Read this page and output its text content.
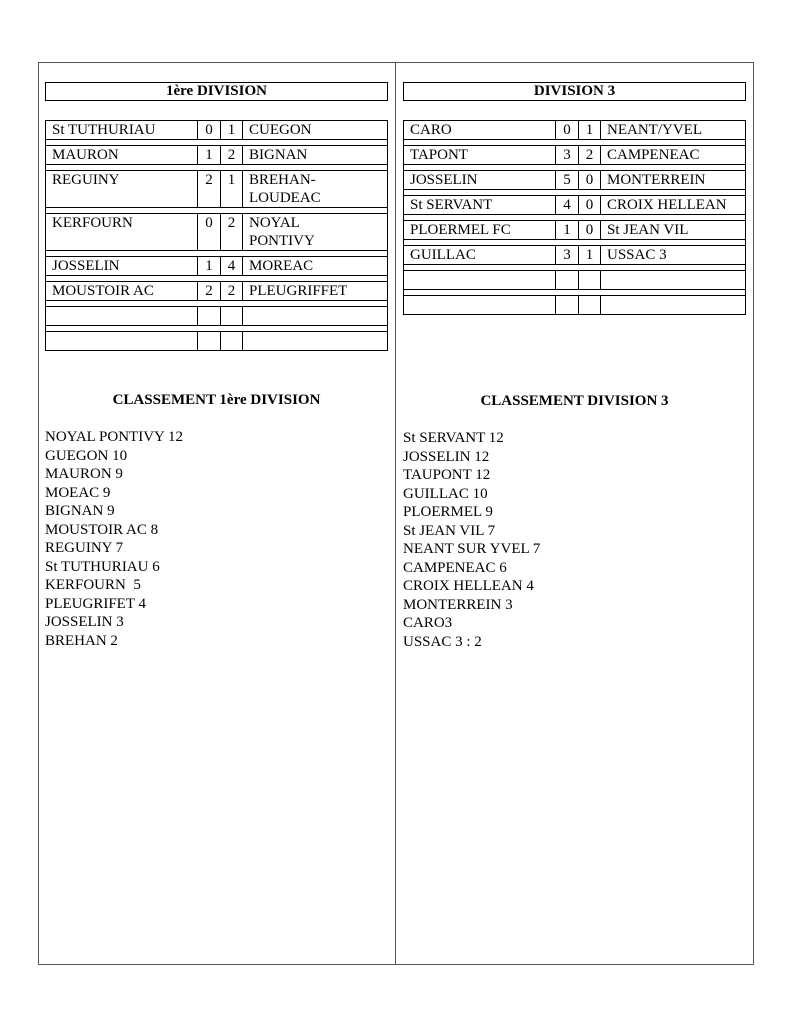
1ère DIVISION
St TUTHURIAU	0	1	CUEGON

MAURON	1	2	BIGNAN

REGUINY	2	1	BREHAN-
LOUDEAC

KERFOURN	0	2	NOYAL
PONTIVY

JOSSELIN	1	4	MOREAC

MOUSTOIR AC	2	2	PLEUGRIFFET

CLASSEMENT 1ère DIVISION
NOYAL PONTIVY 12
GUEGON 10
MAURON 9
MOEAC 9
BIGNAN 9
MOUSTOIR AC 8
REGUINY 7
St TUTHURIAU 6
KERFOURN  5
PLEUGRIFET 4
JOSSELIN 3
BREHAN 2
DIVISION 3
CARO	0	1	NEANT/YVEL

TAPONT	3	2	CAMPENEAC

JOSSELIN	5	0	MONTERREIN

St SERVANT	4	0	CROIX HELLEAN

PLOERMEL FC	1	0	St JEAN VIL

GUILLAC	3	1	USSAC 3

CLASSEMENT DIVISION 3
St SERVANT 12
JOSSELIN 12
TAUPONT 12
GUILLAC 10
PLOERMEL 9
St JEAN VIL 7
NEANT SUR YVEL 7
CAMPENEAC 6
CROIX HELLEAN 4
MONTERREIN 3
CARO3
USSAC 3 : 2
